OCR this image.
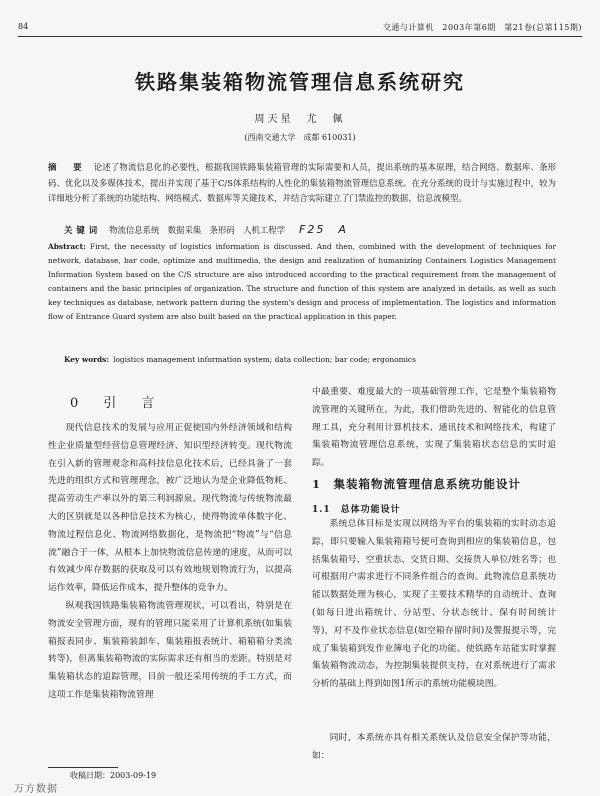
84	交通与计算机　2003年第6期　第21卷(总第115期)
铁路集装箱物流管理信息系统研究
周天星　尤　佩
(西南交通大学　成都 610031)
摘　要 论述了物流信息化的必要性，根据我国铁路集装箱管理的实际需要和人员，提出系统的基本原理，结合网络、数据库、条形码、优化以及多媒体技术，提出并实现了基于C/S体系结构的人性化的集装箱物流管理信息系统。在充分系统的设计与实施过程中，较为详细地分析了系统的功能结构、网络模式、数据库等关键技术，并结合实际建立了门禁监控的数据、信息流模型。
关键词 物流信息系统　数据采集　条形码　人机工程学 F25　A
Abstract: First, the necessity of logistics information is discussed. And then, combined with the development of techniques for network, database, bar code, optimize and multimedia, the design and realization of humanizing Containers Logistics Management Information System based on the C/S structure are also introduced according to the practical requirement from the management of containers and the basic principles of organization. The structure and function of this system are analyzed in details, as well as such key techniques as database, network pattern during the system's design and process of implementation. The logistics and information flow of Entrance Guard system are also built based on the practical application in this paper.
Key words: logistics management information system; data collection; bar code; ergonomics
0　引　言

现代信息技术的发展与应用正促使国内外经济领域和结构性企业质量型经营信息管理经济、知识型经济转变。现代物流在引入新的管理观念和高科技信息化技术后，已经具备了一套先进的组织方式和管理理念，被广泛地认为是企业降低物耗、提高劳动生产率以外的第三利润源泉。现代物流与传统物流最大的区别就是以各种信息技术为核心，使得物流单体数字化、物流过程信息化、物流网络数据化，是物流把“物流”与“信息流”融合于一体，从根本上加快物流信息传递的速度，从而可以有效减少库存数据的获取及可以有效地规划物流行为，以提高运作效率，降低运作成本，提升整体的竞争力。

纵观我国铁路集装箱物流管理现状，可以看出，特别是在物流安全管理方面，现有的管理只能采用了计算机系统(如集装箱报表同步、集装箱装卸车、集装箱报表统计、箱箱箱分类流转等)，但离集装箱物流的实际需求还有相当的差距。特别是对集装箱状态的追踪管理，目前一般还采用传统的手工方式，而这项工作是集装箱物流管理

中最重要、难度最大的一项基础管理工作，它是整个集装箱物流管理的关键所在。为此，我们借助先进的、智能化的信息管理工具，充分利用计算机技术、通讯技术和网络技术，构建了集装箱物流管理信息系统，实现了集装箱状态信息的实时追踪。

1　集装箱物流管理信息系统功能设计
1.1　总体功能设计

系统总体目标是实现以网络为平台的集装箱的实时动态追踪，即只要输入集装箱箱号便可查询到相应的集装箱信息，包括集装箱号、空重状态、交货日期、交接货人单位/姓名等；也可根据用户需求进行不同条件组合的查询。此物流信息系统功能以数据处理为核心，实现了主要技术精华的自动统计、查询(如每日进出箱统计、分站型、分状态统计、保有时间统计等)，对不及作业状态信息(如空箱存留时间)及警报提示等，完成了集装箱到发作业簿电子化的功能。使铁路车站能实时掌握集装箱物流动态，为控制集装提供支持，在对系统进行了需求分析的基础上得到如图1所示的系统功能模块图。

同时，本系统亦具有相关系统认及信息安全保护等功能，如：

收稿日期：2003-09-19
万方数据
